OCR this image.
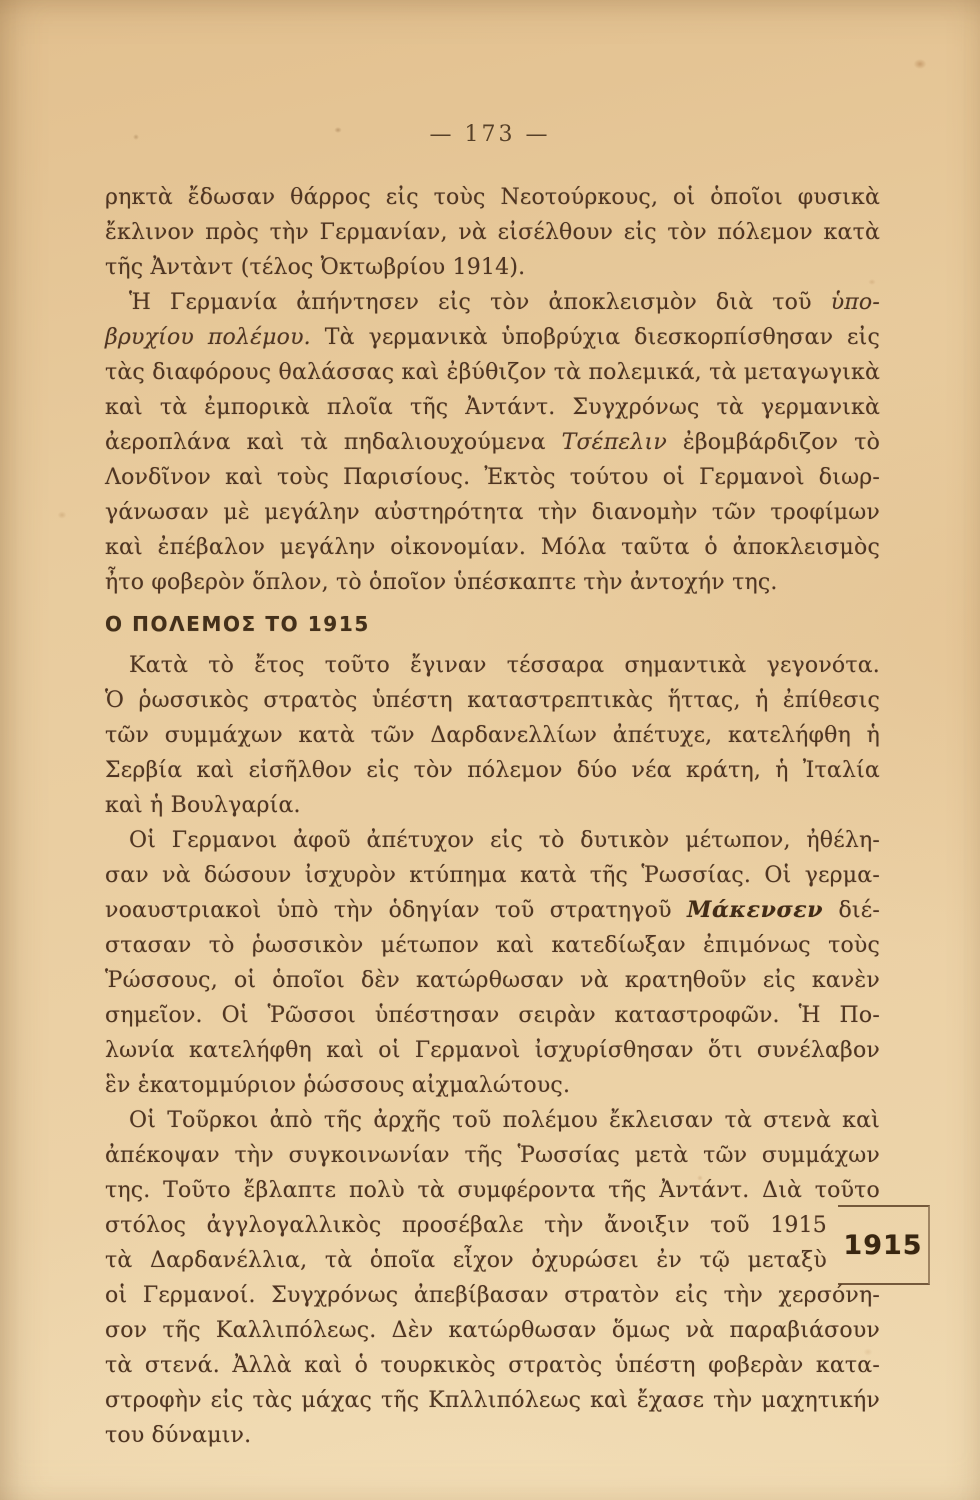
— 173 —
ρηκτὰ ἔδωσαν θάρρος εἰς τοὺς Νεοτούρκους, οἱ ὁποῖοι φυσικὰ
ἔκλινον πρὸς τὴν Γερμανίαν, νὰ εἰσέλθουν εἰς τὸν πόλεμον κατὰ
τῆς Ἀντὰντ (τέλος Ὀκτωβρίου 1914).
Ἡ Γερμανία ἀπήντησεν εἰς τὸν ἀποκλεισμὸν διὰ τοῦ ὑπο-
βρυχίου πολέμου. Τὰ γερμανικὰ ὑποβρύχια διεσκορπίσθησαν εἰς
τὰς διαφόρους θαλάσσας καὶ ἐβύθιζον τὰ πολεμικά, τὰ μεταγωγικὰ
καὶ τὰ ἐμπορικὰ πλοῖα τῆς Ἀντάντ. Συγχρόνως τὰ γερμανικὰ
ἀεροπλάνα καὶ τὰ πηδαλιουχούμενα Τσέπελιν ἐβομβάρδιζον τὸ
Λονδῖνον καὶ τοὺς Παρισίους. Ἐκτὸς τούτου οἱ Γερμανοὶ διωρ-
γάνωσαν μὲ μεγάλην αὐστηρότητα τὴν διανομὴν τῶν τροφίμων
καὶ ἐπέβαλον μεγάλην οἰκονομίαν. Μόλα ταῦτα ὁ ἀποκλεισμὸς
ἦτο φοβερὸν ὅπλον, τὸ ὁποῖον ὑπέσκαπτε τὴν ἀντοχήν της.
Ο ΠΟΛΕΜΟΣ ΤΟ 1915
Κατὰ τὸ ἔτος τοῦτο ἔγιναν τέσσαρα σημαντικὰ γεγονότα.
Ὁ ῥωσσικὸς στρατὸς ὑπέστη καταστρεπτικὰς ἥττας, ἡ ἐπίθεσις
τῶν συμμάχων κατὰ τῶν Δαρδανελλίων ἀπέτυχε, κατελήφθη ἡ
Σερβία καὶ εἰσῆλθον εἰς τὸν πόλεμον δύο νέα κράτη, ἡ Ἰταλία
καὶ ἡ Βουλγαρία.
Οἱ Γερμανοι ἀφοῦ ἀπέτυχον εἰς τὸ δυτικὸν μέτωπον, ἠθέλη-
σαν νὰ δώσουν ἰσχυρὸν κτύπημα κατὰ τῆς Ῥωσσίας. Οἱ γερμα-
νοαυστριακοὶ ὑπὸ τὴν ὁδηγίαν τοῦ στρατηγοῦ Μάκενσεν διέ-
στασαν τὸ ῥωσσικὸν μέτωπον καὶ κατεδίωξαν ἐπιμόνως τοὺς
Ῥώσσους, οἱ ὁποῖοι δὲν κατώρθωσαν νὰ κρατηθοῦν εἰς κανὲν
σημεῖον. Οἱ Ῥῶσσοι ὑπέστησαν σειρὰν καταστροφῶν. Ἡ Πο-
λωνία κατελήφθη καὶ οἱ Γερμανοὶ ἰσχυρίσθησαν ὅτι συνέλαβον
ἓν ἑκατομμύριον ῥώσσους αἰχμαλώτους.
Οἱ Τοῦρκοι ἀπὸ τῆς ἀρχῆς τοῦ πολέμου ἔκλεισαν τὰ στενὰ καὶ
ἀπέκοψαν τὴν συγκοινωνίαν τῆς Ῥωσσίας μετὰ τῶν συμμάχων
της. Τοῦτο ἔβλαπτε πολὺ τὰ συμφέροντα τῆς Ἀντάντ. Διὰ τοῦτο
στόλος ἀγγλογαλλικὸς προσέβαλε τὴν ἄνοιξιν τοῦ 1915
τὰ Δαρδανέλλια, τὰ ὁποῖα εἶχον ὀχυρώσει ἐν τῷ μεταξὺ 1915
οἱ Γερμανοί. Συγχρόνως ἀπεβίβασαν στρατὸν εἰς τὴν χερσόνη-
σον τῆς Καλλιπόλεως. Δὲν κατώρθωσαν ὅμως νὰ παραβιάσουν
τὰ στενά. Ἀλλὰ καὶ ὁ τουρκικὸς στρατὸς ὑπέστη φοβερὰν κατα-
στροφὴν εἰς τὰς μάχας τῆς Κπλλιπόλεως καὶ ἔχασε τὴν μαχητικήν
του δύναμιν.
